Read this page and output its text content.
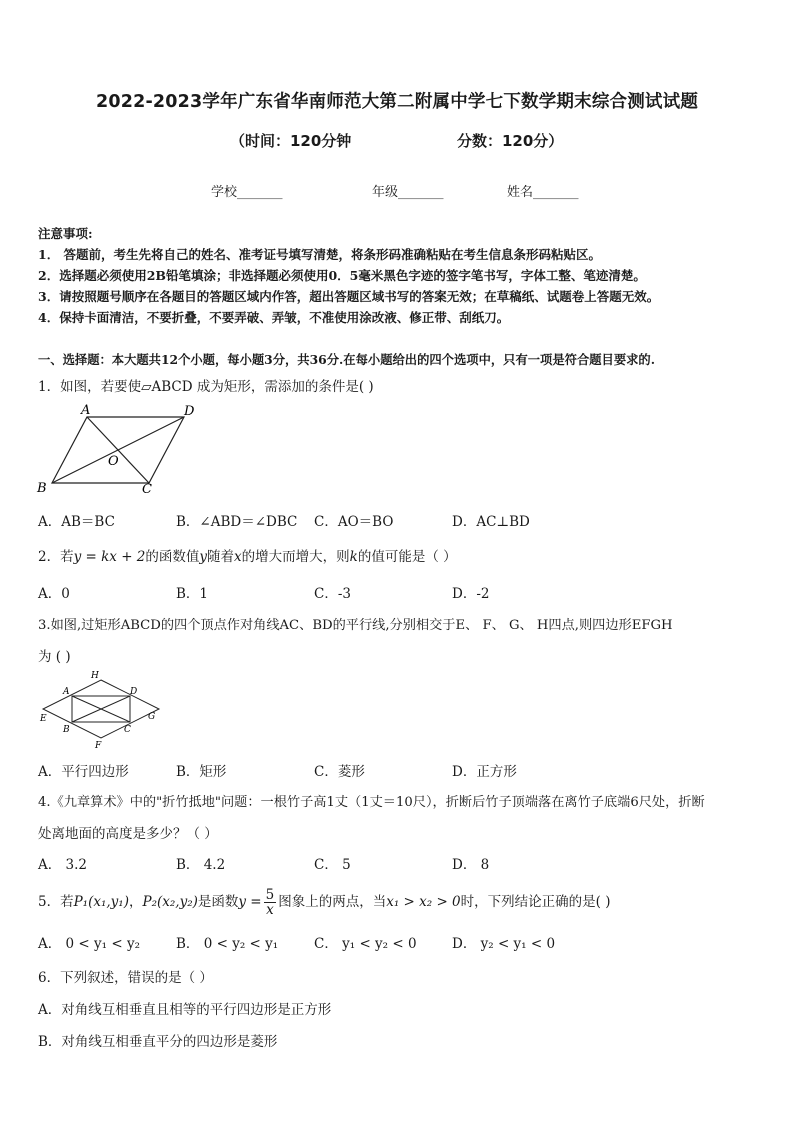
2022-2023学年广东省华南师范大第二附属中学七下数学期末综合测试试题
（时间：120分钟	分数：120分）
学校_______	年级_______	姓名_______
注意事项:
1． 答题前，考生先将自己的姓名、准考证号填写清楚，将条形码准确粘贴在考生信息条形码粘贴区。
2．选择题必须使用2B铅笔填涂；非选择题必须使用0．5毫米黑色字迹的签字笔书写，字体工整、笔迹清楚。
3．请按照题号顺序在各题目的答题区域内作答，超出答题区域书写的答案无效；在草稿纸、试题卷上答题无效。
4．保持卡面清洁，不要折叠，不要弄破、弄皱，不准使用涂改液、修正带、刮纸刀。
一、选择题：本大题共12个小题，每小题3分，共36分.在每小题给出的四个选项中，只有一项是符合题目要求的.
1．如图，若要使▱ABCD 成为矩形，需添加的条件是( )
A	D
B	C
O
A．AB＝BC	B．∠ABD＝∠DBC C．AO＝BO	D．AC⊥BD
2．若y = kx + 2的函数值y随着x的增大而增大，则k的值可能是（ ）
A．0	B．1	C．-3	D．-2
3.如图,过矩形ABCD的四个顶点作对角线AC、BD的平行线,分别相交于E、 F、 G、 H四点,则四边形EFGH
为 ( )
H
A	D
E	G
B	C
F
A．平行四边形	B．矩形	C．菱形	D．正方形
4.《九章算术》中的"折竹抵地"问题：一根竹子高1丈（1丈＝10尺），折断后竹子顶端落在离竹子底端6尺处，折断
处离地面的高度是多少？（ ）
A． 3.2	B． 4.2	C． 5	D． 8
5．若P₁(x₁,y₁)，P₂(x₂,y₂)是函数$y = \frac{5}{x}$ 图象上的两点，当x₁ > x₂ > 0时，下列结论正确的是( )
A． 0 < y₁ < y₂	B． 0 < y₂ < y₁	C． y₁ < y₂ < 0	D． y₂ < y₁ < 0
6．下列叙述，错误的是（ ）
A．对角线互相垂直且相等的平行四边形是正方形
B．对角线互相垂直平分的四边形是菱形
